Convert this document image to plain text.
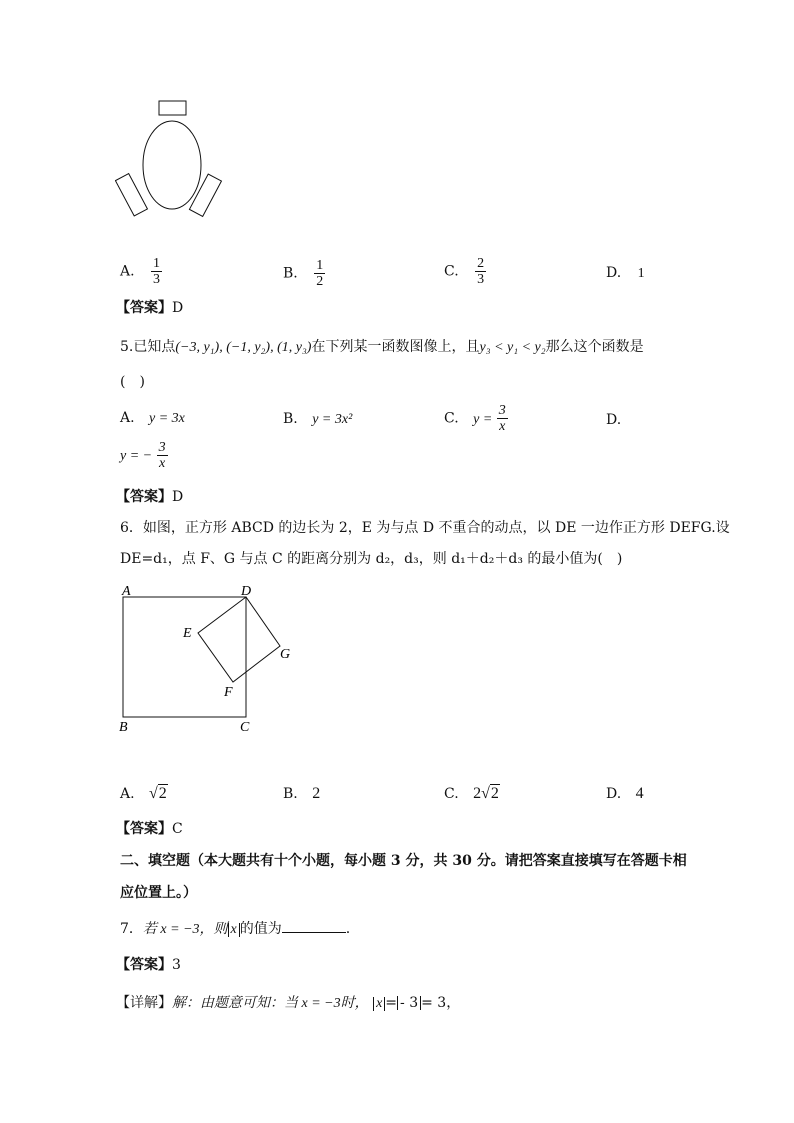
A. $\frac{1}{3}$	B. $\frac{1}{2}$	C. $\frac{2}{3}$	D. 1
【答案】D
5.已知点(−3, y₁), (−1, y₂), (1, y₃)在下列某一函数图像上，且y₃ < y₁ < y₂那么这个函数是
(　)
A. y = 3x	B. y = 3x²	C. $y = \frac{3}{x}$	D.
y = − $\frac{3}{x}$
【答案】D
6．如图，正方形 ABCD 的边长为 2，E 为与点 D 不重合的动点，以 DE 一边作正方形 DEFG.设
DE=d₁，点 F、G 与点 C 的距离分别为 d₂，d₃，则 d₁＋d₂＋d₃ 的最小值为(　)
A	D
E
G
F
B	C
A. √2	B. 2	C. 2√2	D. 4
【答案】C
二、填空题（本大题共有十个小题，每小题 3 分，共 30 分。请把答案直接填写在答题卡相
应位置上。）
7．若 x = −3，则 x 的值为	.
【答案】3
【详解】解：由题意可知：当 x = −3时， x = - 3 = 3，
